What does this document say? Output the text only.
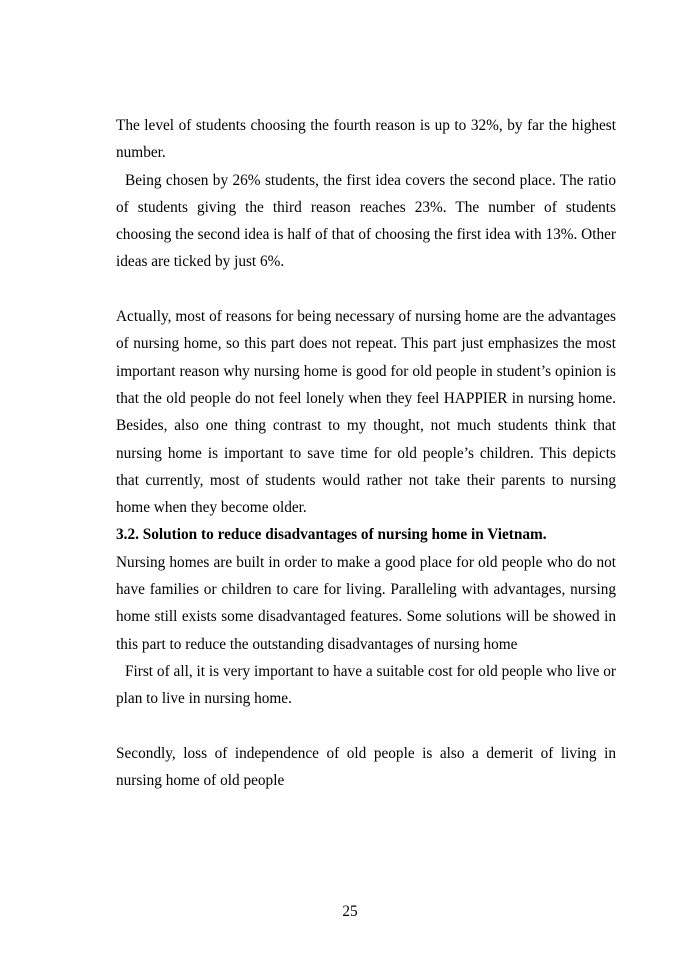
The level of students choosing the fourth reason is up to 32%, by far the highest number.

Being chosen by 26% students, the first idea covers the second place. The ratio of students giving the third reason reaches 23%. The number of students choosing the second idea is half of that of choosing the first idea with 13%. Other ideas are ticked by just 6%.

Actually, most of reasons for being necessary of nursing home are the advantages of nursing home, so this part does not repeat. This part just emphasizes the most important reason why nursing home is good for old people in student’s opinion is that the old people do not feel lonely when they feel HAPPIER in nursing home. Besides, also one thing contrast to my thought, not much students think that nursing home is important to save time for old people’s children. This depicts that currently, most of students would rather not take their parents to nursing home when they become older.

3.2. Solution to reduce disadvantages of nursing home in Vietnam.

Nursing homes are built in order to make a good place for old people who do not have families or children to care for living. Paralleling with advantages, nursing home still exists some disadvantaged features. Some solutions will be showed in this part to reduce the outstanding disadvantages of nursing home

First of all, it is very important to have a suitable cost for old people who live or plan to live in nursing home.

Secondly, loss of independence of old people is also a demerit of living in nursing home of old people

25
